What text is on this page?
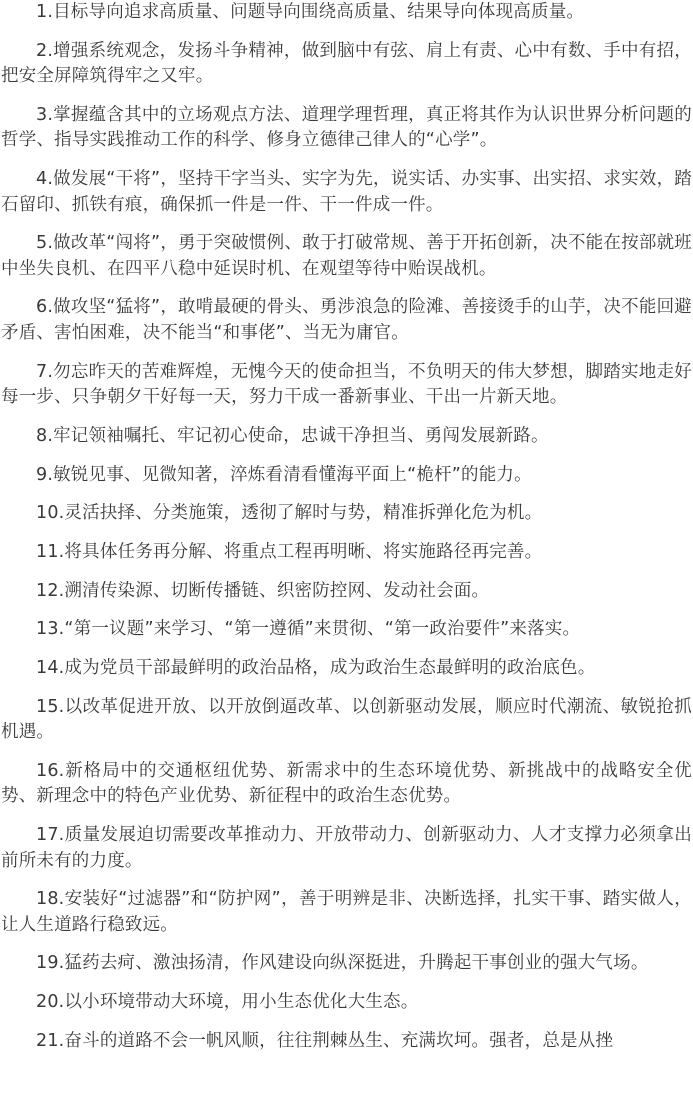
1.目标导向追求高质量、问题导向围绕高质量、结果导向体现高质量。

2.增强系统观念，发扬斗争精神，做到脑中有弦、肩上有责、心中有数、手中有招，把安全屏障筑得牢之又牢。

3.掌握蕴含其中的立场观点方法、道理学理哲理，真正将其作为认识世界分析问题的哲学、指导实践推动工作的科学、修身立德律己律人的“心学”。

4.做发展“干将”，坚持干字当头、实字为先，说实话、办实事、出实招、求实效，踏石留印、抓铁有痕，确保抓一件是一件、干一件成一件。

5.做改革“闯将”，勇于突破惯例、敢于打破常规、善于开拓创新，决不能在按部就班中坐失良机、在四平八稳中延误时机、在观望等待中贻误战机。

6.做攻坚“猛将”，敢啃最硬的骨头、勇涉浪急的险滩、善接烫手的山芋，决不能回避矛盾、害怕困难，决不能当“和事佬”、当无为庸官。

7.勿忘昨天的苦难辉煌，无愧今天的使命担当，不负明天的伟大梦想，脚踏实地走好每一步、只争朝夕干好每一天，努力干成一番新事业、干出一片新天地。

8.牢记领袖嘱托、牢记初心使命，忠诚干净担当、勇闯发展新路。

9.敏锐见事、见微知著，淬炼看清看懂海平面上“桅杆”的能力。

10.灵活抉择、分类施策，透彻了解时与势，精准拆弹化危为机。

11.将具体任务再分解、将重点工程再明晰、将实施路径再完善。

12.溯清传染源、切断传播链、织密防控网、发动社会面。

13.“第一议题”来学习、“第一遵循”来贯彻、“第一政治要件”来落实。

14.成为党员干部最鲜明的政治品格，成为政治生态最鲜明的政治底色。

15.以改革促进开放、以开放倒逼改革、以创新驱动发展，顺应时代潮流、敏锐抢抓机遇。

16.新格局中的交通枢纽优势、新需求中的生态环境优势、新挑战中的战略安全优势、新理念中的特色产业优势、新征程中的政治生态优势。

17.质量发展迫切需要改革推动力、开放带动力、创新驱动力、人才支撑力必须拿出前所未有的力度。

18.安装好“过滤器”和“防护网”，善于明辨是非、决断选择，扎实干事、踏实做人，让人生道路行稳致远。

19.猛药去疴、激浊扬清，作风建设向纵深挺进，升腾起干事创业的强大气场。

20.以小环境带动大环境，用小生态优化大生态。

21.奋斗的道路不会一帆风顺，往往荆棘丛生、充满坎坷。强者，总是从挫
